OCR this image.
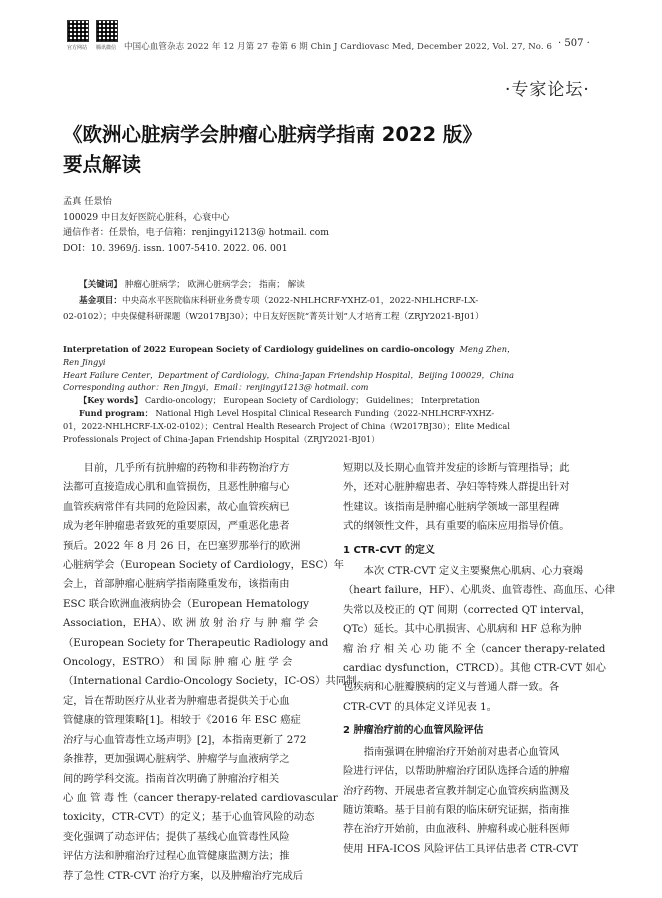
官方网站	腾讯微信 中国心血管杂志 2022 年 12 月第 27 卷第 6 期 Chin J Cardiovasc Med, December 2022, Vol. 27, No. 6 · 507 ·
·专家论坛·
《欧洲心脏病学会肿瘤心脏病学指南 2022 版》
要点解读
孟真 任景怡
100029 中日友好医院心脏科，心衰中心
通信作者：任景怡，电子信箱：renjingyi1213@ hotmail. com
DOI：10. 3969/j. issn. 1007-5410. 2022. 06. 001
【关键词】 肿瘤心脏病学； 欧洲心脏病学会； 指南； 解读
基金项目：中央高水平医院临床科研业务费专项（2022-NHLHCRF-YXHZ-01，2022-NHLHCRF-LX-
02-0102）；中央保健科研课题（W2017BJ30）；中日友好医院“菁英计划”人才培育工程（ZRJY2021-BJ01）
Interpretation of 2022 European Society of Cardiology guidelines on cardio-oncology Meng Zhen，
Ren Jingyi
Heart Failure Center，Department of Cardiology，China-Japan Friendship Hospital，Beijing 100029，China
Corresponding author：Ren Jingyi，Email：renjingyi1213@ hotmail. com
【Key words】 Cardio-oncology； European Society of Cardiology； Guidelines； Interpretation
Fund program： National High Level Hospital Clinical Research Funding（2022-NHLHCRF-YXHZ-
01，2022-NHLHCRF-LX-02-0102）；Central Health Research Project of China（W2017BJ30）；Elite Medical
Professionals Project of China-Japan Friendship Hospital（ZRJY2021-BJ01）
目前，几乎所有抗肿瘤的药物和非药物治疗方
法都可直接造成心肌和血管损伤，且恶性肿瘤与心
血管疾病常伴有共同的危险因素，故心血管疾病已
成为老年肿瘤患者致死的重要原因，严重恶化患者
预后。2022 年 8 月 26 日，在巴塞罗那举行的欧洲
心脏病学会（European Society of Cardiology，ESC）年
会上，首部肿瘤心脏病学指南隆重发布，该指南由
ESC 联合欧洲血液病协会（European Hematology
Association，EHA）、欧 洲 放 射 治 疗 与 肿 瘤 学 会
（European Society for Therapeutic Radiology and
Oncology，ESTRO） 和 国 际 肿 瘤 心 脏 学 会
（International Cardio-Oncology Society，IC-OS）共同制
定，旨在帮助医疗从业者为肿瘤患者提供关于心血
管健康的管理策略[1]。相较于《2016 年 ESC 癌症
治疗与心血管毒性立场声明》[2]，本指南更新了 272
条推荐，更加强调心脏病学、肿瘤学与血液病学之
间的跨学科交流。指南首次明确了肿瘤治疗相关
心 血 管 毒 性（cancer therapy-related cardiovascular
toxicity，CTR-CVT）的定义；基于心血管风险的动态
变化强调了动态评估；提供了基线心血管毒性风险
评估方法和肿瘤治疗过程心血管健康监测方法；推
荐了急性 CTR-CVT 治疗方案，以及肿瘤治疗完成后
短期以及长期心血管并发症的诊断与管理指导；此
外，还对心脏肿瘤患者、孕妇等特殊人群提出针对
性建议。该指南是肿瘤心脏病学领域一部里程碑
式的纲领性文件，具有重要的临床应用指导价值。
1 CTR-CVT 的定义
本次 CTR-CVT 定义主要聚焦心肌病、心力衰竭
（heart failure，HF）、心肌炎、血管毒性、高血压、心律
失常以及校正的 QT 间期（corrected QT interval，
QTc）延长。其中心肌损害、心肌病和 HF 总称为肿
瘤 治 疗 相 关 心 功 能 不 全（cancer therapy-related
cardiac dysfunction，CTRCD）。其他 CTR-CVT 如心
包疾病和心脏瓣膜病的定义与普通人群一致。各
CTR-CVT 的具体定义详见表 1。
2 肿瘤治疗前的心血管风险评估
指南强调在肿瘤治疗开始前对患者心血管风
险进行评估，以帮助肿瘤治疗团队选择合适的肿瘤
治疗药物、开展患者宣教并制定心血管疾病监测及
随访策略。基于目前有限的临床研究证据，指南推
荐在治疗开始前，由血液科、肿瘤科或心脏科医师
使用 HFA-ICOS 风险评估工具评估患者 CTR-CVT
